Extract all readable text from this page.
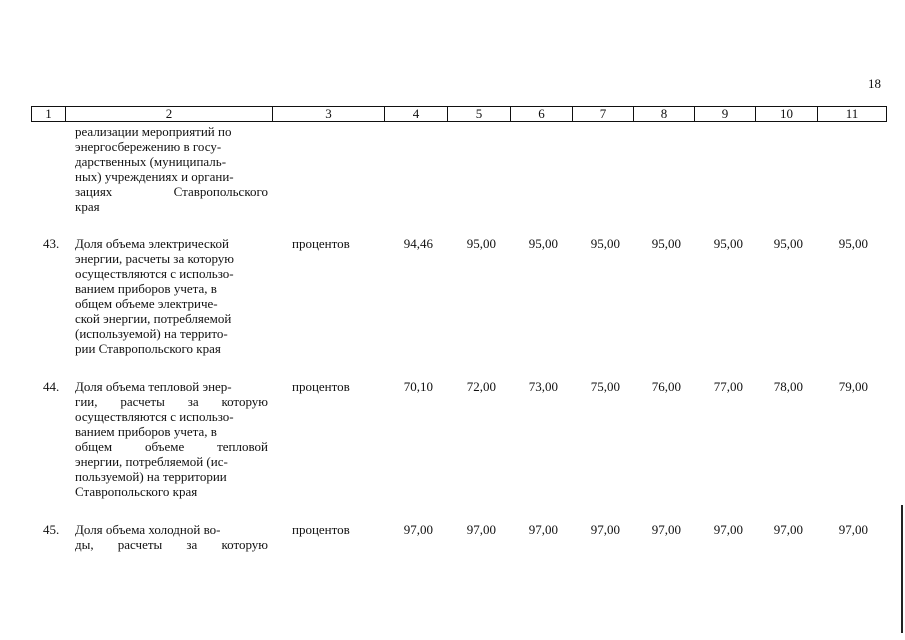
18
1	2	3	4	5	6	7	8	9	10	11
реализации мероприятий по
энергосбережению в госу-
дарственных (муниципаль-
ных) учреждениях и органи-
зациях Ставропольского
края
43. Доля объема электрической
энергии, расчеты за которую
осуществляются с использо-
ванием приборов учета, в
общем объеме электриче-
ской энергии, потребляемой
(используемой) на террито-
рии Ставропольского края
процентов	94,46	95,00	95,00	95,00	95,00	95,00	95,00	95,00
44. Доля объема тепловой энер-
гии, расчеты за которую
осуществляются с использо-
ванием приборов учета, в
общем объеме тепловой
энергии, потребляемой (ис-
пользуемой) на территории
Ставропольского края
процентов	70,10	72,00	73,00	75,00	76,00	77,00	78,00	79,00
45. Доля объема холодной во-
ды, расчеты за которую
процентов	97,00	97,00	97,00	97,00	97,00	97,00	97,00	97,00
